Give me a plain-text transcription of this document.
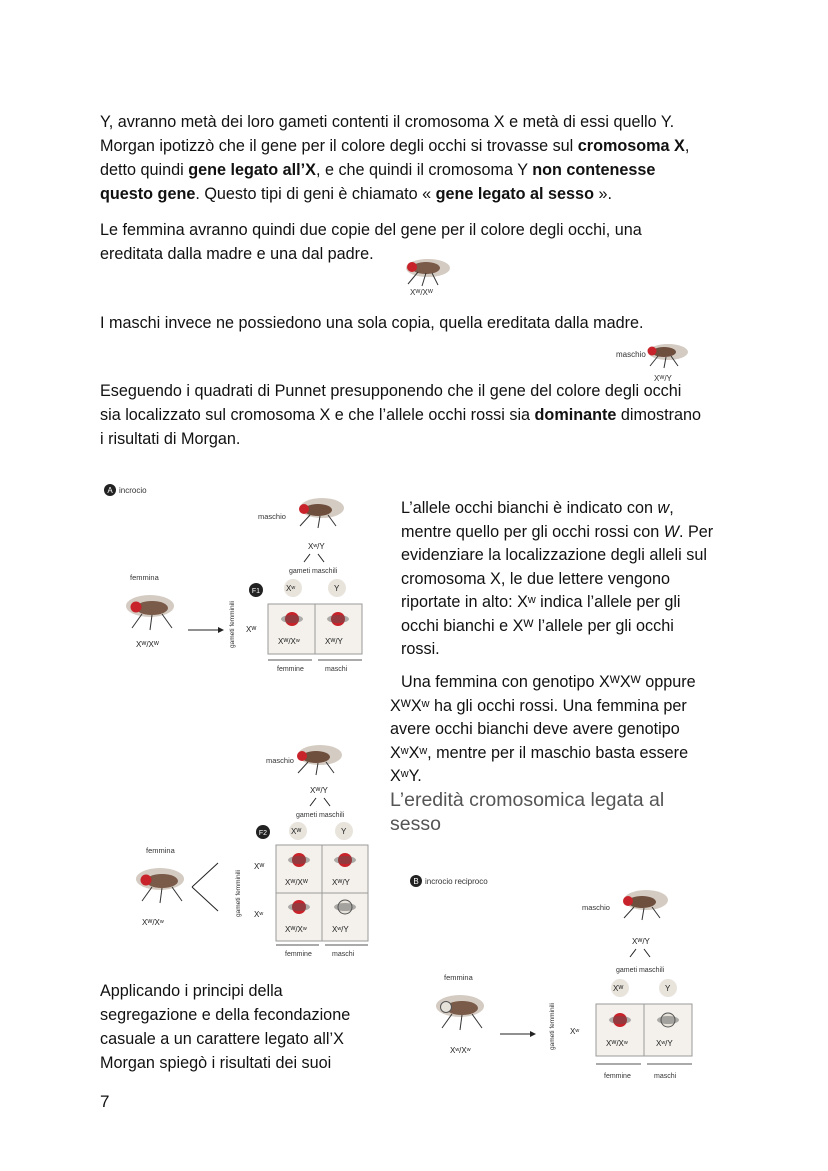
Y, avranno metà dei loro gameti contenti il cromosoma X e metà di essi quello Y.
Morgan ipotizzò che il gene per il colore degli occhi si trovasse sul cromosoma X,
detto quindi gene legato all’X, e che quindi il cromosoma Y non contenesse
questo gene. Questo tipi di geni è chiamato « gene legato al sesso ».

Le femmina avranno quindi due copie del gene per il colore degli occhi, una
ereditata dalla madre e una dal padre.

Xᵂ/Xᵂ

I maschi invece ne possiedono una sola copia, quella ereditata dalla madre.

maschio
Xᵂ/Y

Eseguendo i quadrati di Punnet presupponendo che il gene del colore degli occhi
sia localizzato sul cromosoma X e che l’allele occhi rossi sia dominante dimostrano
i risultati di Morgan.

A incrocio
maschio
Xʷ/Y
gameti maschili
F1	Xʷ	Y
femmina
Xᵂ/Xᵂ	gameti femminili Xᵂ
Xᵂ/Xʷ	Xᵂ/Y
femmine	maschi

L’allele occhi bianchi è indicato con w,
mentre quello per gli occhi rossi con W. Per
evidenziare la localizzazione degli alleli sul
cromosoma X, le due lettere vengono
riportate in alto: Xʷ indica l’allele per gli
occhi bianchi e Xᵂ l’allele per gli occhi
rossi.

Una femmina con genotipo XᵂXᵂ oppure
XᵂXʷ ha gli occhi rossi. Una femmina per
avere occhi bianchi deve avere genotipo
XʷXʷ, mentre per il maschio basta essere
XʷY.

L’eredità cromosomica legata al sesso
maschio
Xᵂ/Y
gameti maschili
F2	Xᵂ	Y
femmina
Xᵂ/Xʷ
gameti femminili
Xᵂ
Xʷ
Xᵂ/Xᵂ	Xᵂ/Y
Xᵂ/Xʷ	Xʷ/Y
femmine	maschi
B incrocio reciproco
maschio
Xᵂ/Y
gameti maschili
Xᵂ	Y
femmina
Xʷ/Xʷ
gameti femminili Xʷ
Xᵂ/Xʷ	Xʷ/Y
femmine	maschi

Applicando i principi della
segregazione e della fecondazione
casuale a un carattere legato all’X
Morgan spiegò i risultati dei suoi

7
